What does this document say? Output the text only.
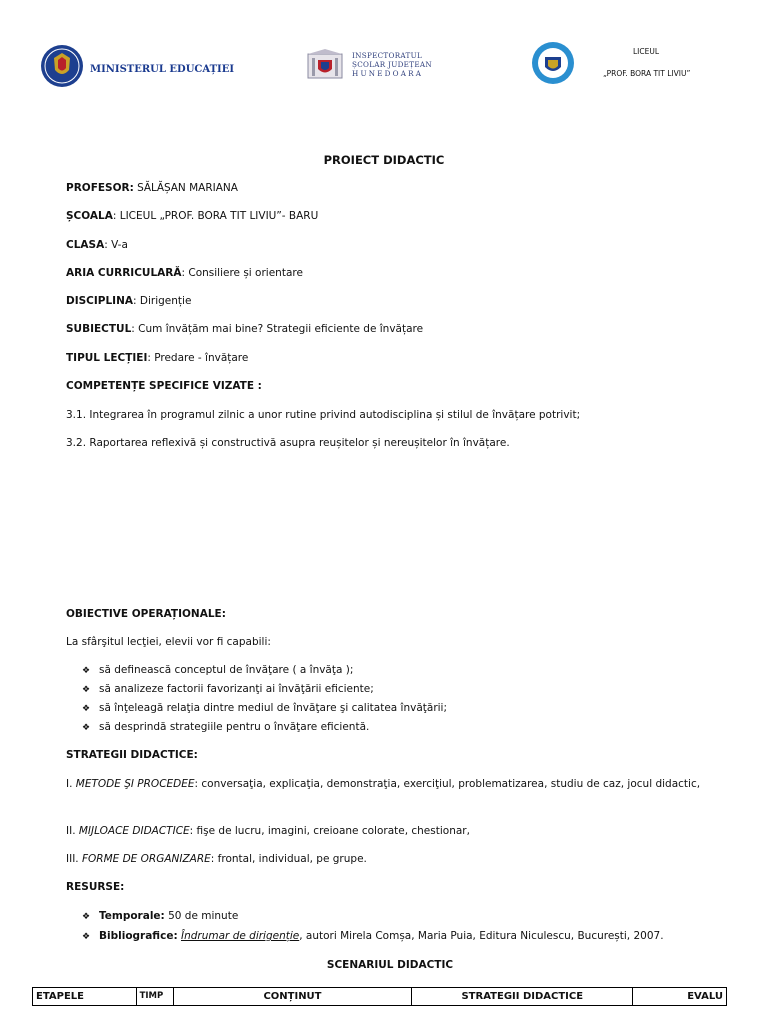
MINISTERUL EDUCAȚIEI
INSPECTORATUL
ȘCOLAR JUDEȚEAN
HUNEDOARA
LICEUL
„PROF. BORA TIT LIVIU”
PROIECT DIDACTIC
PROFESOR: SĂLĂȘAN MARIANA
ȘCOALA: LICEUL „PROF. BORA TIT LIVIU”- BARU
CLASA: V-a
ARIA CURRICULARĂ: Consiliere și orientare
DISCIPLINA: Dirigenție
SUBIECTUL: Cum învățăm mai bine? Strategii eficiente de învățare
TIPUL LECȚIEI: Predare - învățare
COMPETENȚE SPECIFICE VIZATE :
3.1. Integrarea în programul zilnic a unor rutine privind autodisciplina și stilul de învățare potrivit;
3.2. Raportarea reflexivă și constructivă asupra reușitelor și nereușitelor în învățare.
OBIECTIVE OPERAȚIONALE:
La sfârşitul lecţiei, elevii vor fi capabili:
❖ să definească conceptul de învăţare ( a învăţa );
❖ să analizeze factorii favorizanţi ai învăţării eficiente;
❖ să înţeleagă relaţia dintre mediul de învăţare şi calitatea învăţării;
❖ să desprindă strategiile pentru o învăţare eficientă.
STRATEGII DIDACTICE:
I. METODE ŞI PROCEDEE: conversaţia, explicaţia, demonstraţia, exerciţiul, problematizarea, studiu de caz, jocul didactic,
II. MIJLOACE DIDACTICE: fişe de lucru, imagini, creioane colorate, chestionar,
III. FORME DE ORGANIZARE: frontal, individual, pe grupe.
RESURSE:
❖ Temporale: 50 de minute
❖ Bibliografice: Îndrumar de dirigenție, autori Mirela Comșa, Maria Puia, Editura Niculescu, București, 2007.
SCENARIUL DIDACTIC
ETAPELE	TIMP	CONȚINUT	STRATEGII DIDACTICE	EVALU
